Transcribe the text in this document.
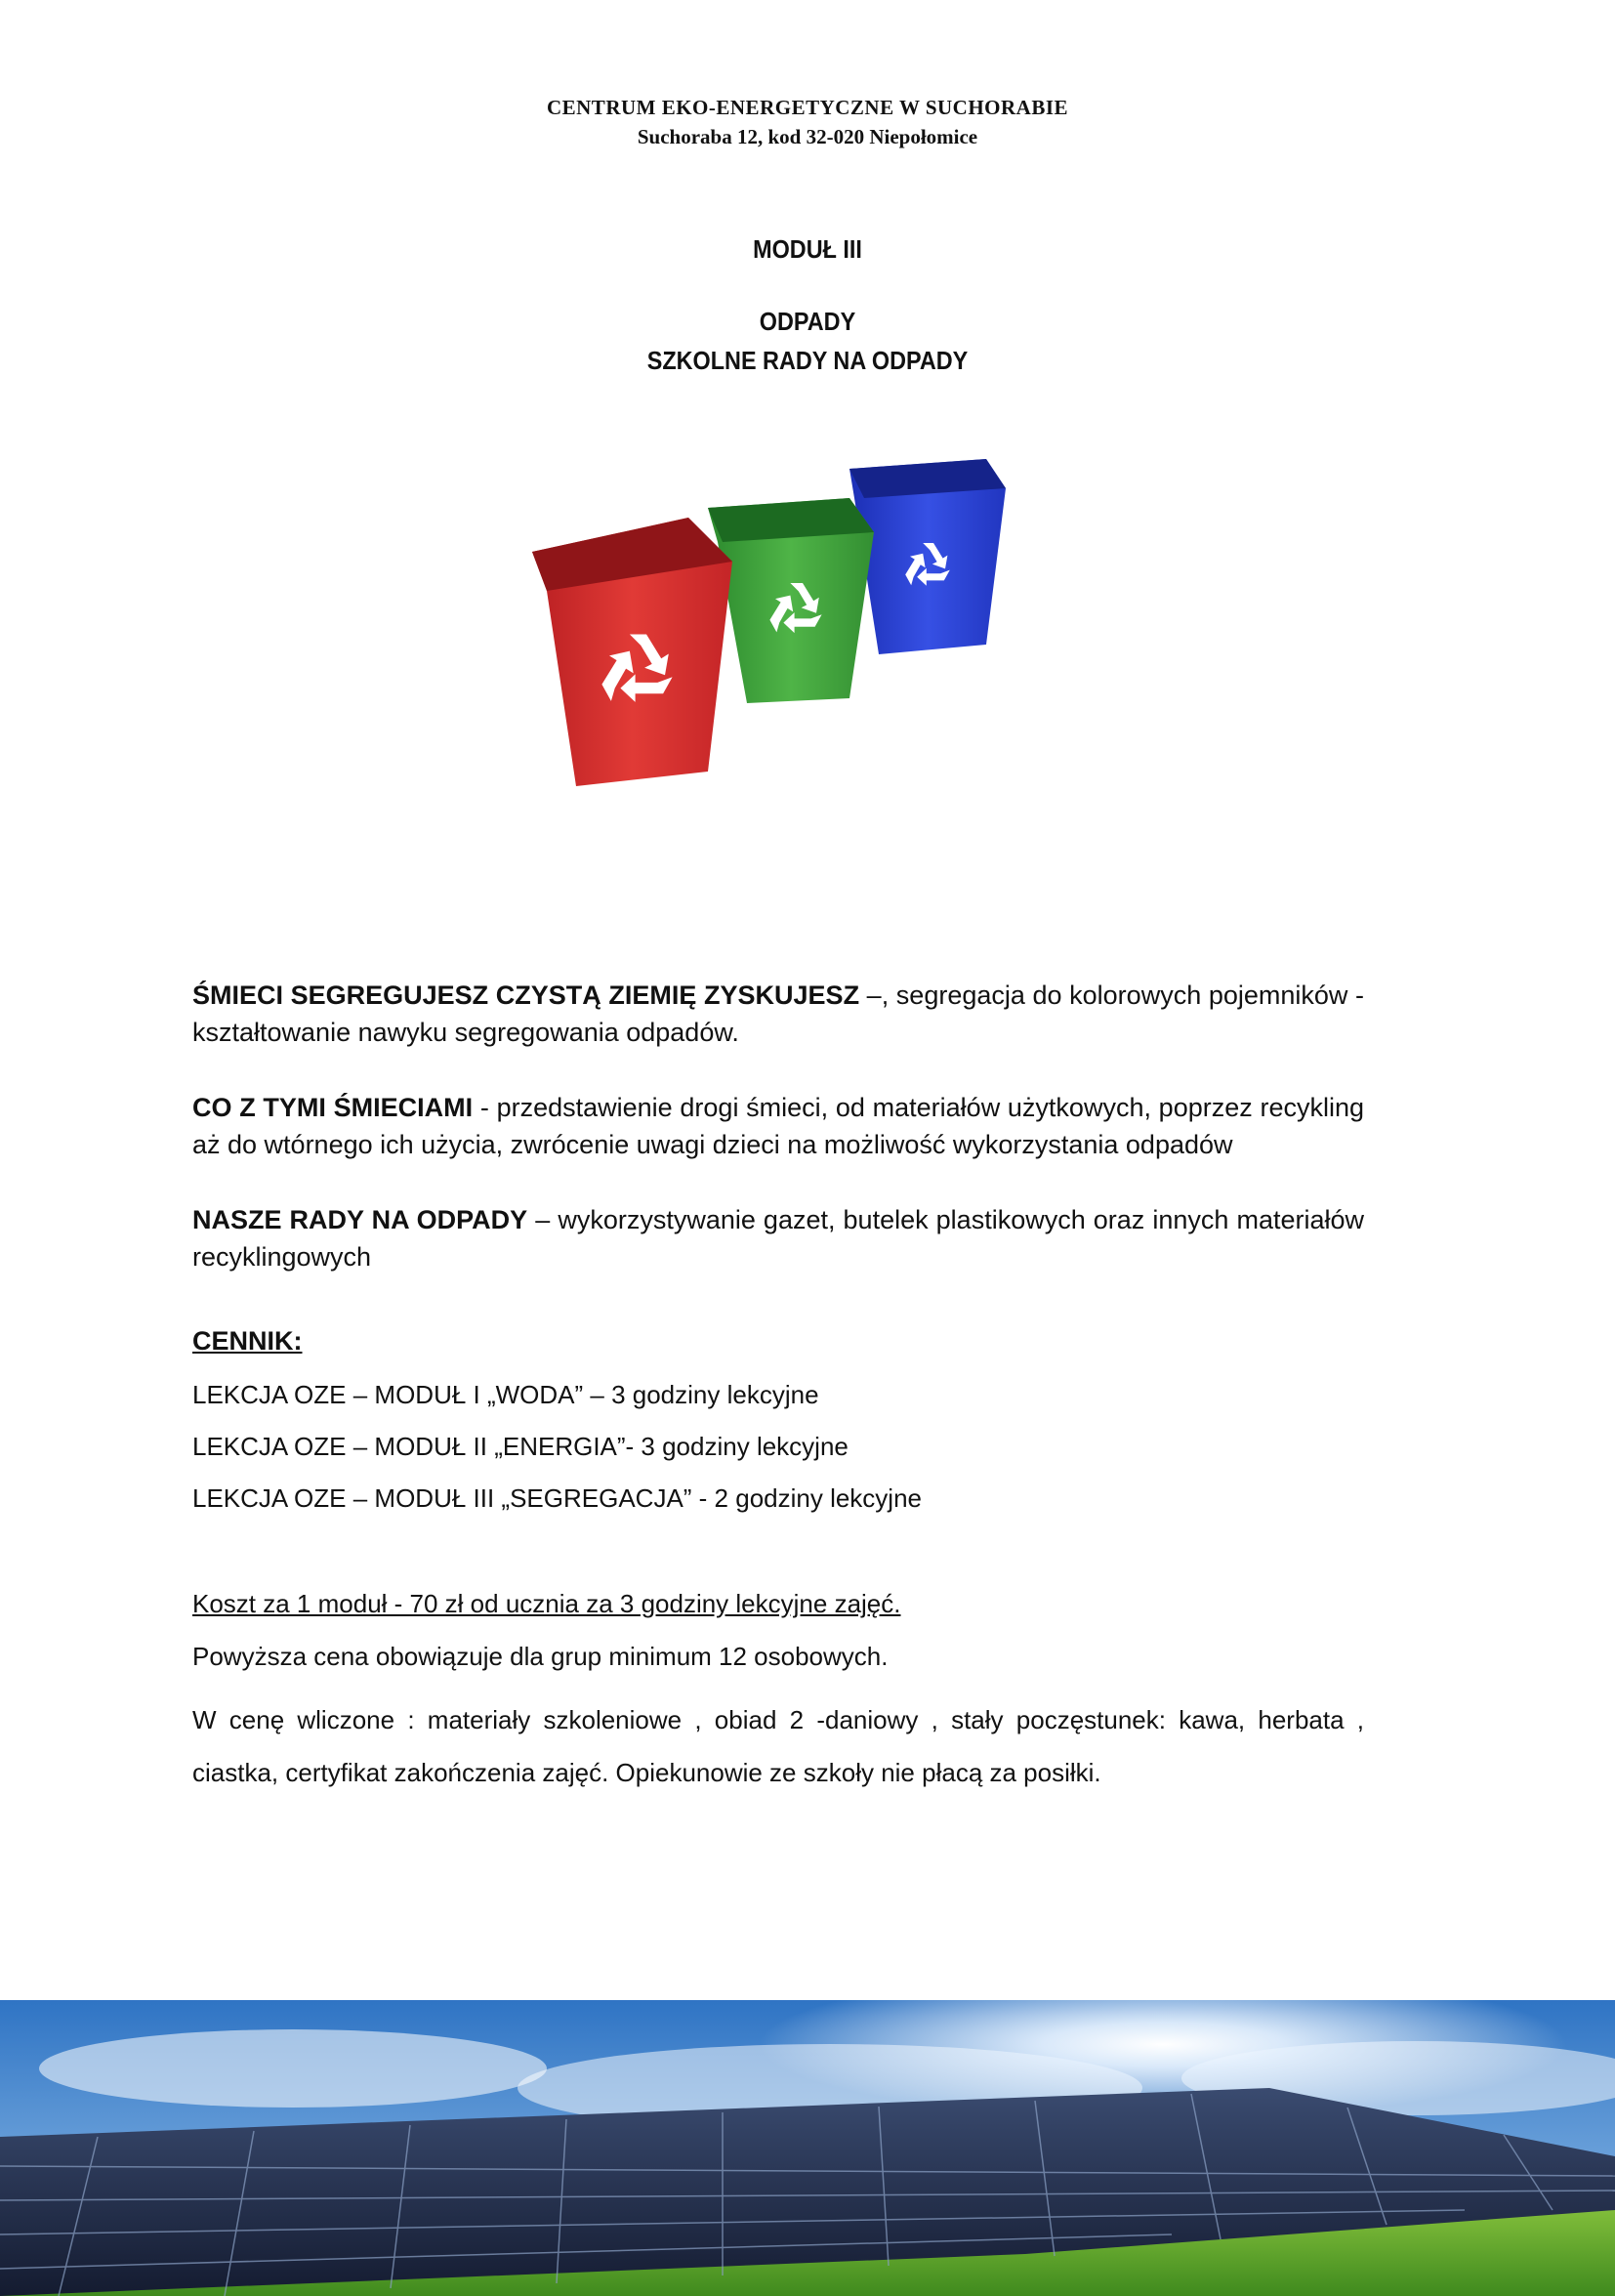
CENTRUM EKO-ENERGETYCZNE W SUCHORABIE
Suchoraba 12, kod 32-020 Niepołomice
MODUŁ III
ODPADY
SZKOLNE RADY NA ODPADY
ŚMIECI SEGREGUJESZ CZYSTĄ ZIEMIĘ ZYSKUJESZ –, segregacja do kolorowych pojemników - kształtowanie nawyku segregowania odpadów.
CO Z TYMI ŚMIECIAMI - przedstawienie drogi śmieci, od materiałów użytkowych, poprzez recykling aż do wtórnego ich użycia, zwrócenie uwagi dzieci na możliwość wykorzystania odpadów
NASZE RADY NA ODPADY – wykorzystywanie gazet, butelek plastikowych oraz innych materiałów recyklingowych
CENNIK:
LEKCJA OZE – MODUŁ I „WODA” – 3 godziny lekcyjne
LEKCJA OZE – MODUŁ II „ENERGIA”- 3 godziny lekcyjne
LEKCJA OZE – MODUŁ III „SEGREGACJA” - 2 godziny lekcyjne
Koszt za 1 moduł - 70 zł od ucznia za 3 godziny lekcyjne zajęć.
Powyższa cena obowiązuje dla grup minimum 12 osobowych.
W cenę wliczone : materiały szkoleniowe , obiad 2 -daniowy , stały poczęstunek: kawa, herbata , ciastka, certyfikat zakończenia zajęć. Opiekunowie ze szkoły nie płacą za posiłki.
